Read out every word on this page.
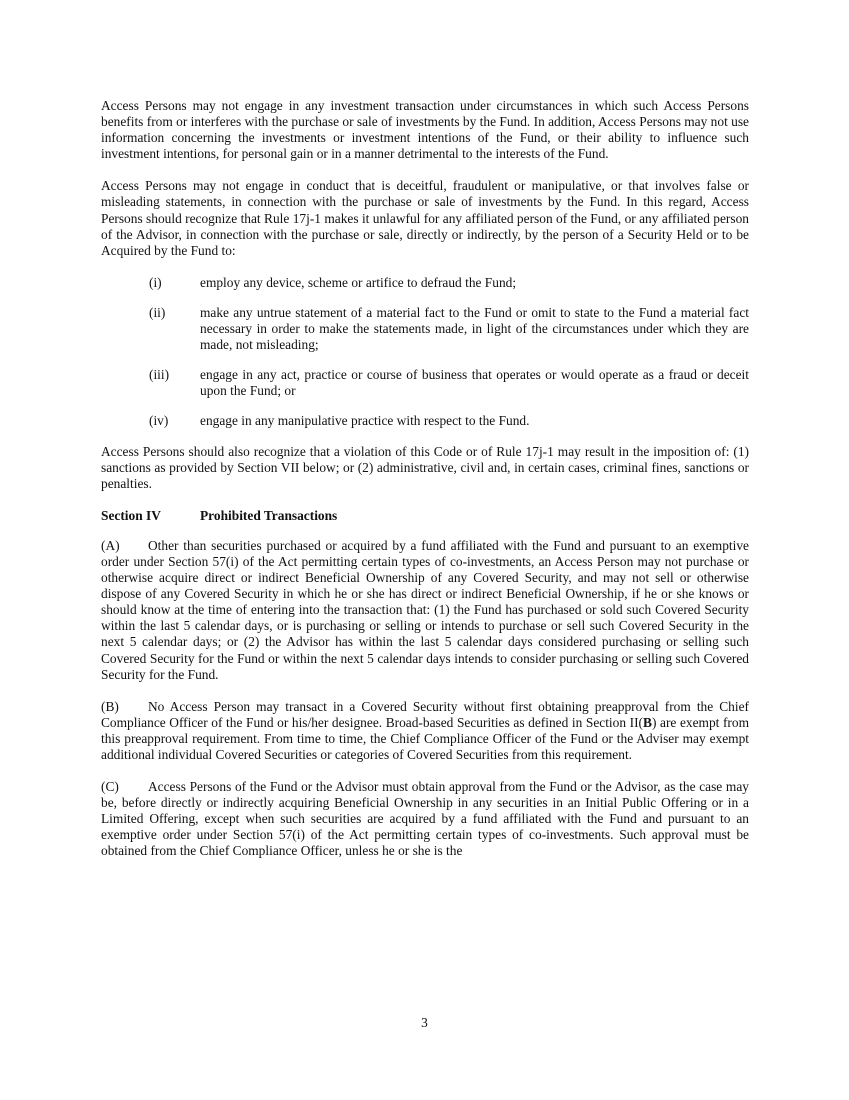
Access Persons may not engage in any investment transaction under circumstances in which such Access Persons benefits from or interferes with the purchase or sale of investments by the Fund. In addition, Access Persons may not use information concerning the investments or investment intentions of the Fund, or their ability to influence such investment intentions, for personal gain or in a manner detrimental to the interests of the Fund.

Access Persons may not engage in conduct that is deceitful, fraudulent or manipulative, or that involves false or misleading statements, in connection with the purchase or sale of investments by the Fund. In this regard, Access Persons should recognize that Rule 17j-1 makes it unlawful for any affiliated person of the Fund, or any affiliated person of the Advisor, in connection with the purchase or sale, directly or indirectly, by the person of a Security Held or to be Acquired by the Fund to:

(i)	employ any device, scheme or artifice to defraud the Fund;
(ii)	make any untrue statement of a material fact to the Fund or omit to state to the Fund a material fact necessary in order to make the statements made, in light of the circumstances under which they are made, not misleading;
(iii)	engage in any act, practice or course of business that operates or would operate as a fraud or deceit upon the Fund; or
(iv)	engage in any manipulative practice with respect to the Fund.

Access Persons should also recognize that a violation of this Code or of Rule 17j-1 may result in the imposition of: (1) sanctions as provided by Section VII below; or (2) administrative, civil and, in certain cases, criminal fines, sanctions or penalties.

Section IV	Prohibited Transactions

(A) Other than securities purchased or acquired by a fund affiliated with the Fund and pursuant to an exemptive order under Section 57(i) of the Act permitting certain types of co-investments, an Access Person may not purchase or otherwise acquire direct or indirect Beneficial Ownership of any Covered Security, and may not sell or otherwise dispose of any Covered Security in which he or she has direct or indirect Beneficial Ownership, if he or she knows or should know at the time of entering into the transaction that: (1) the Fund has purchased or sold such Covered Security within the last 5 calendar days, or is purchasing or selling or intends to purchase or sell such Covered Security in the next 5 calendar days; or (2) the Advisor has within the last 5 calendar days considered purchasing or selling such Covered Security for the Fund or within the next 5 calendar days intends to consider purchasing or selling such Covered Security for the Fund.

(B) No Access Person may transact in a Covered Security without first obtaining preapproval from the Chief Compliance Officer of the Fund or his/her designee. Broad-based Securities as defined in Section II(B) are exempt from this preapproval requirement. From time to time, the Chief Compliance Officer of the Fund or the Adviser may exempt additional individual Covered Securities or categories of Covered Securities from this requirement.

(C) Access Persons of the Fund or the Advisor must obtain approval from the Fund or the Advisor, as the case may be, before directly or indirectly acquiring Beneficial Ownership in any securities in an Initial Public Offering or in a Limited Offering, except when such securities are acquired by a fund affiliated with the Fund and pursuant to an exemptive order under Section 57(i) of the Act permitting certain types of co-investments. Such approval must be obtained from the Chief Compliance Officer, unless he or she is the

3
